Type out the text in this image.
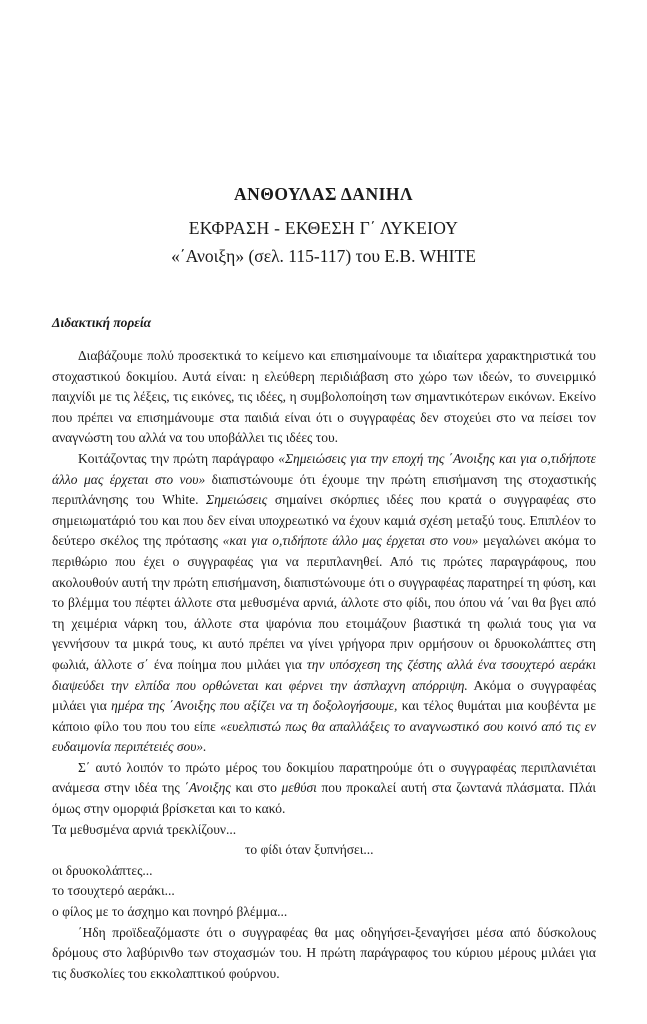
ΑΝΘΟΥΛΑΣ ΔΑΝΙΗΛ
ΕΚΦΡΑΣΗ - ΕΚΘΕΣΗ Γ΄ ΛΥΚΕΙΟΥ
«΄Ανοιξη» (σελ. 115-117) του E.B. WHITE
Διδακτική πορεία

Διαβάζουμε πολύ προσεκτικά το κείμενο και επισημαίνουμε τα ιδιαίτερα χαρακτηριστικά του στοχαστικού δοκιμίου. Αυτά είναι: η ελεύθερη περιδιάβαση στο χώρο των ιδεών, το συνειρμικό παιχνίδι με τις λέξεις, τις εικόνες, τις ιδέες, η συμβολοποίηση των σημαντικότερων εικόνων. Εκείνο που πρέπει να επισημάνουμε στα παιδιά είναι ότι ο συγγραφέας δεν στοχεύει στο να πείσει τον αναγνώστη του αλλά να του υποβάλλει τις ιδέες του.

Κοιτάζοντας την πρώτη παράγραφο «Σημειώσεις για την εποχή της ΄Ανοιξης και για ο,τιδήποτε άλλο μας έρχεται στο νου» διαπιστώνουμε ότι έχουμε την πρώτη επισήμανση της στοχαστικής περιπλάνησης του White. Σημειώσεις σημαίνει σκόρπιες ιδέες που κρατά ο συγγραφέας στο σημειωματάριό του και που δεν είναι υποχρεωτικό να έχουν καμιά σχέση μεταξύ τους. Επιπλέον το δεύτερο σκέλος της πρότασης «και για ο,τιδήποτε άλλο μας έρχεται στο νου» μεγαλώνει ακόμα το περιθώριο που έχει ο συγγραφέας για να περιπλανηθεί. Από τις πρώτες παραγράφους, που ακολουθούν αυτή την πρώτη επισήμανση, διαπιστώνουμε ότι ο συγγραφέας παρατηρεί τη φύση, και το βλέμμα του πέφτει άλλοτε στα μεθυσμένα αρνιά, άλλοτε στο φίδι, που όπου νά ΄ναι θα βγει από τη χειμέρια νάρκη του, άλλοτε στα ψαρόνια που ετοιμάζουν βιαστικά τη φωλιά τους για να γεννήσουν τα μικρά τους, κι αυτό πρέπει να γίνει γρήγορα πριν ορμήσουν οι δρυοκολάπτες στη φωλιά, άλλοτε σ΄ ένα ποίημα που μιλάει για την υπόσχεση της ζέστης αλλά ένα τσουχτερό αεράκι διαψεύδει την ελπίδα που ορθώνεται και φέρνει την άσπλαχνη απόρριψη. Ακόμα ο συγγραφέας μιλάει για ημέρα της ΄Ανοιξης που αξίζει να τη δοξολογήσουμε, και τέλος θυμάται μια κουβέντα με κάποιο φίλο του που του είπε «ευελπιστώ πως θα απαλλάξεις το αναγνωστικό σου κοινό από τις εν ευδαιμονία περιπέτειές σου».

Σ΄ αυτό λοιπόν το πρώτο μέρος του δοκιμίου παρατηρούμε ότι ο συγγραφέας περιπλανιέται ανάμεσα στην ιδέα της ΄Ανοιξης και στο μεθύσι που προκαλεί αυτή στα ζωντανά πλάσματα. Πλάι όμως στην ομορφιά βρίσκεται και το κακό.

Τα μεθυσμένα αρνιά τρεκλίζουν...

το φίδι όταν ξυπνήσει...

οι δρυοκολάπτες...

το τσουχτερό αεράκι...

ο φίλος με το άσχημο και πονηρό βλέμμα...

΄Ηδη προϊδεαζόμαστε ότι ο συγγραφέας θα μας οδηγήσει-ξεναγήσει μέσα από δύσκολους δρόμους στο λαβύρινθο των στοχασμών του. Η πρώτη παράγραφος του κύριου μέρους μιλάει για τις δυσκολίες του εκκολαπτικού φούρνου.
